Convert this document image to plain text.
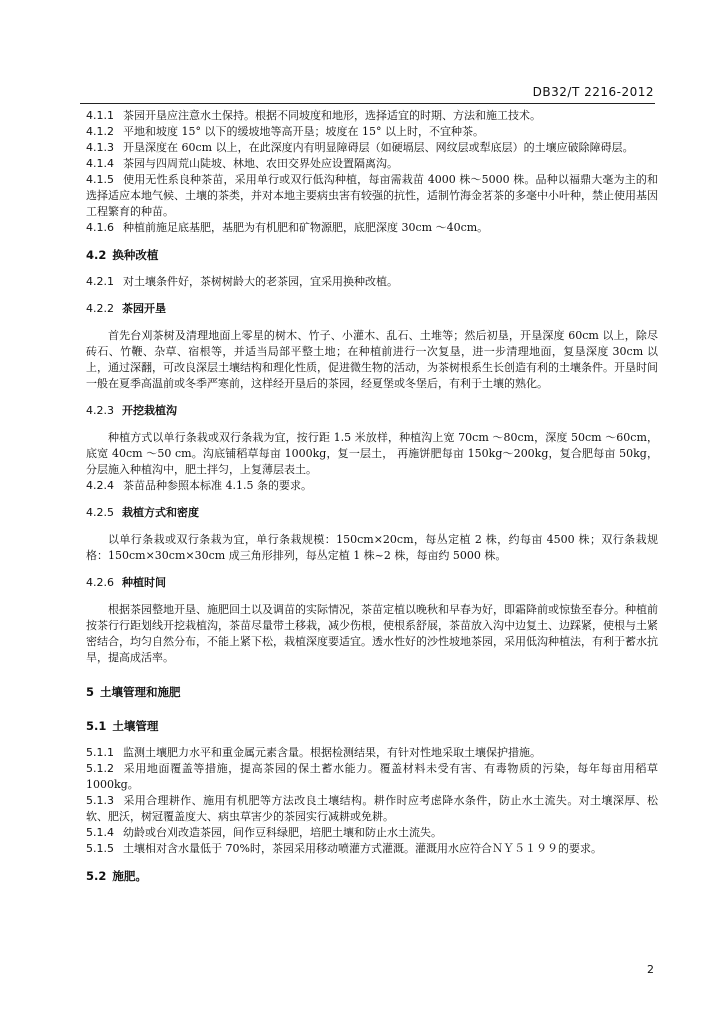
DB32/T 2216-2012

4.1.1 茶园开垦应注意水土保持。根据不同坡度和地形，选择适宜的时期、方法和施工技术。

4.1.2 平地和坡度 15° 以下的缓坡地等高开垦；坡度在 15° 以上时，不宜种茶。

4.1.3 开垦深度在 60cm 以上，在此深度内有明显障碍层（如硬塥层、网纹层或犁底层）的土壤应破除障碍层。

4.1.4 茶园与四周荒山陡坡、林地、农田交界处应设置隔离沟。

4.1.5 使用无性系良种茶苗，采用单行或双行低沟种植，每亩需栽苗 4000 株～5000 株。品种以福鼎大毫为主的和选择适应本地气候、土壤的茶类，并对本地主要病虫害有较强的抗性，适制竹海金茗茶的多毫中小叶种，禁止使用基因工程繁育的种苗。

4.1.6 种植前施足底基肥，基肥为有机肥和矿物源肥，底肥深度 30cm ～40cm。

4.2 换种改植

4.2.1 对土壤条件好，茶树树龄大的老茶园，宜采用换种改植。

4.2.2 茶园开垦

首先台刈茶树及清理地面上零星的树木、竹子、小灌木、乱石、土堆等；然后初垦，开垦深度 60cm 以上，除尽砖石、竹鞭、杂草、宿根等，并适当局部平整土地；在种植前进行一次复垦，进一步清理地面，复垦深度 30cm 以上，通过深翻，可改良深层土壤结构和理化性质，促进微生物的活动，为茶树根系生长创造有利的土壤条件。开垦时间一般在夏季高温前或冬季严寒前，这样经开垦后的茶园，经夏堡或冬堡后，有利于土壤的熟化。

4.2.3 开挖栽植沟

种植方式以单行条栽或双行条栽为宜，按行距 1.5 米放样，种植沟上宽 70cm ～80cm，深度 50cm ～60cm，底宽 40cm ～50 cm。沟底铺稻草每亩 1000kg，复一层土， 再施饼肥每亩 150kg～200kg，复合肥每亩 50kg，分层施入种植沟中，肥土拌匀，上复薄层表土。

4.2.4 茶苗品种参照本标准 4.1.5 条的要求。

4.2.5 栽植方式和密度

以单行条栽或双行条栽为宜，单行条栽规模：150cm×20cm，每丛定植 2 株，约每亩 4500 株；双行条栽规格：150cm×30cm×30cm 成三角形排列，每丛定植 1 株~2 株，每亩约 5000 株。

4.2.6 种植时间

根据茶园整地开垦、施肥回土以及调苗的实际情况，茶苗定植以晚秋和早春为好，即霜降前或惊蛰至春分。种植前按茶行行距划线开挖栽植沟，茶苗尽量带土移栽，减少伤根，使根系舒展，茶苗放入沟中边复土、边踩紧，使根与土紧密结合，均匀自然分布，不能上紧下松，栽植深度要适宜。透水性好的沙性坡地茶园，采用低沟种植法，有利于蓄水抗旱，提高成活率。

5 土壤管理和施肥

5.1 土壤管理

5.1.1 监测土壤肥力水平和重金属元素含量。根据检测结果，有针对性地采取土壤保护措施。

5.1.2 采用地面覆盖等措施，提高茶园的保土蓄水能力。覆盖材料未受有害、有毒物质的污染，每年每亩用稻草 1000kg。

5.1.3 采用合理耕作、施用有机肥等方法改良土壤结构。耕作时应考虑降水条件，防止水土流失。对土壤深厚、松软、肥沃，树冠覆盖度大、病虫草害少的茶园实行减耕或免耕。

5.1.4 幼龄或台刈改造茶园，间作豆科绿肥，培肥土壤和防止水土流失。

5.1.5 土壤相对含水量低于 70%时，茶园采用移动喷灌方式灌溉。灌溉用水应符合ＮＹ５１９９的要求。

5.2 施肥。

2
